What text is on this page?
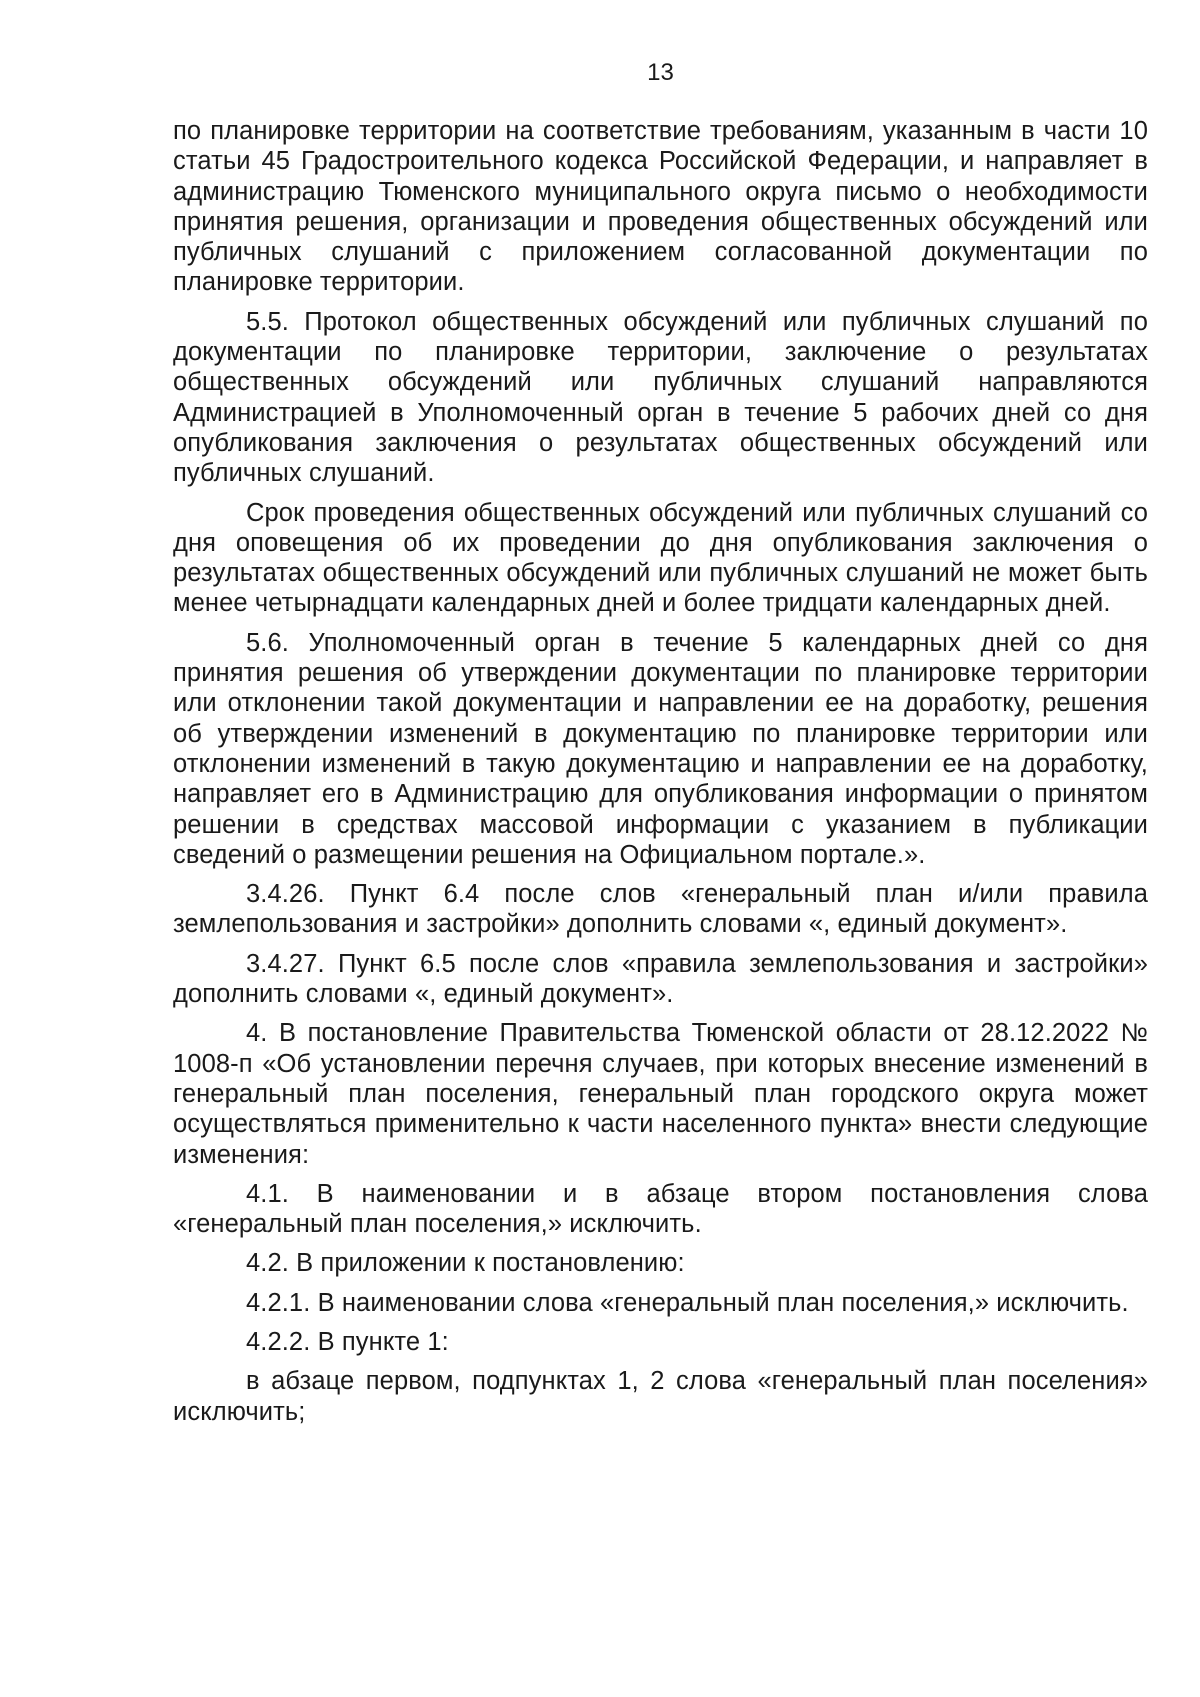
13

по планировке территории на соответствие требованиям, указанным в части 10 статьи 45 Градостроительного кодекса Российской Федерации, и направляет в администрацию Тюменского муниципального округа письмо о необходимости принятия решения, организации и проведения общественных обсуждений или публичных слушаний с приложением согласованной документации по планировке территории.

5.5. Протокол общественных обсуждений или публичных слушаний по документации по планировке территории, заключение о результатах общественных обсуждений или публичных слушаний направляются Администрацией в Уполномоченный орган в течение 5 рабочих дней со дня опубликования заключения о результатах общественных обсуждений или публичных слушаний.

Срок проведения общественных обсуждений или публичных слушаний со дня оповещения об их проведении до дня опубликования заключения о результатах общественных обсуждений или публичных слушаний не может быть менее четырнадцати календарных дней и более тридцати календарных дней.

5.6. Уполномоченный орган в течение 5 календарных дней со дня принятия решения об утверждении документации по планировке территории или отклонении такой документации и направлении ее на доработку, решения об утверждении изменений в документацию по планировке территории или отклонении изменений в такую документацию и направлении ее на доработку, направляет его в Администрацию для опубликования информации о принятом решении в средствах массовой информации с указанием в публикации сведений о размещении решения на Официальном портале.».

3.4.26. Пункт 6.4 после слов «генеральный план и/или правила землепользования и застройки» дополнить словами «, единый документ».

3.4.27. Пункт 6.5 после слов «правила землепользования и застройки» дополнить словами «, единый документ».

4. В постановление Правительства Тюменской области от 28.12.2022 № 1008-п «Об установлении перечня случаев, при которых внесение изменений в генеральный план поселения, генеральный план городского округа может осуществляться применительно к части населенного пункта» внести следующие изменения:

4.1. В наименовании и в абзаце втором постановления слова «генеральный план поселения,» исключить.

4.2. В приложении к постановлению:

4.2.1. В наименовании слова «генеральный план поселения,» исключить.

4.2.2. В пункте 1:

в абзаце первом, подпунктах 1, 2 слова «генеральный план поселения» исключить;
